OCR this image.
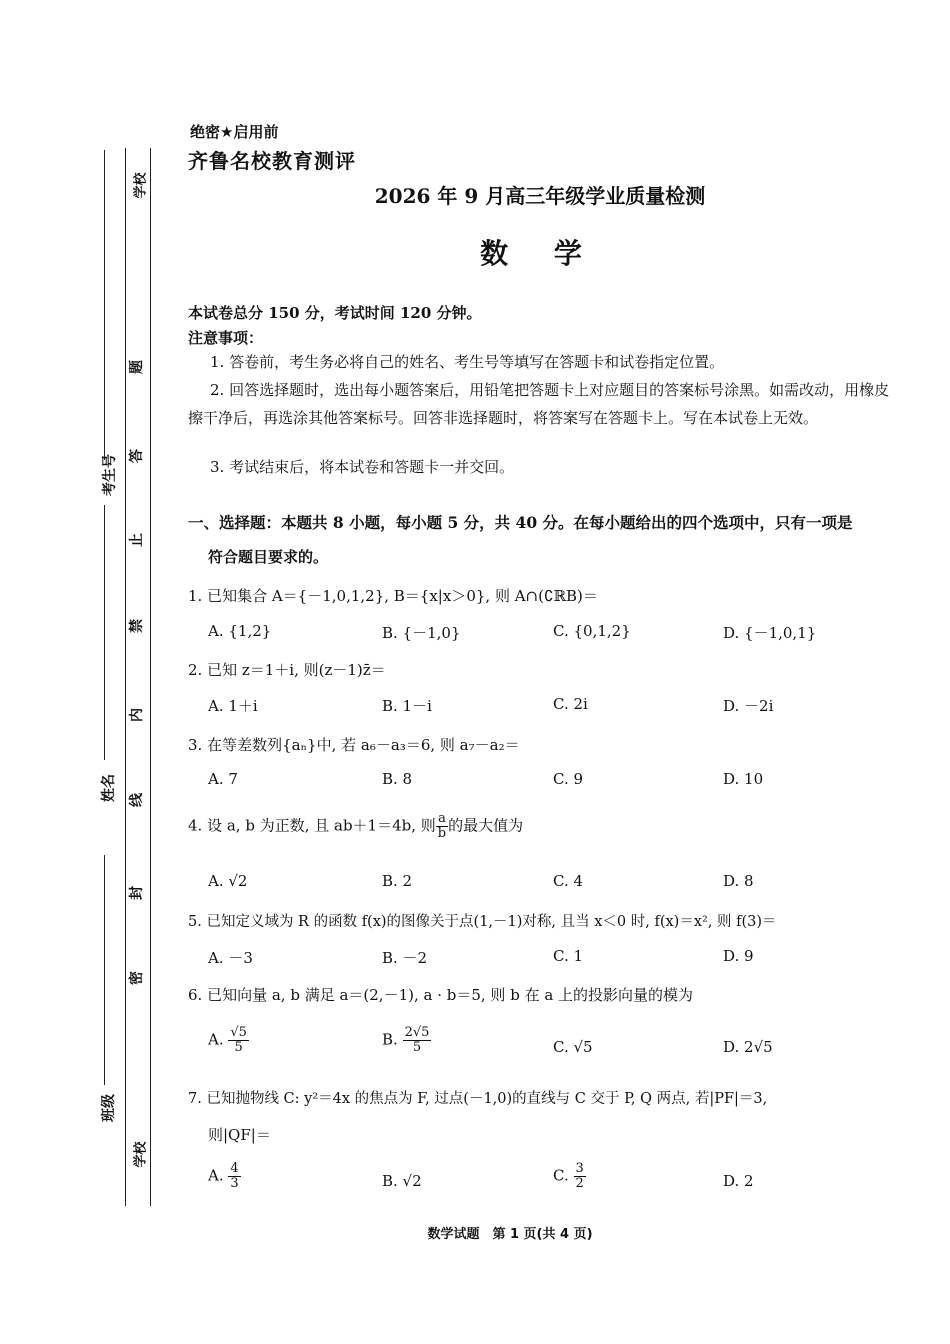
学校
学校
考生号
姓名
班级
题
答
止
禁
内
线
封
密
绝密★启用前
齐鲁名校教育测评
2026 年 9 月高三年级学业质量检测
数 学
本试卷总分 150 分，考试时间 120 分钟。
注意事项：
1. 答卷前，考生务必将自己的姓名、考生号等填写在答题卡和试卷指定位置。
2. 回答选择题时，选出每小题答案后，用铅笔把答题卡上对应题目的答案标号涂黑。如需改动，用橡皮擦干净后，再选涂其他答案标号。回答非选择题时，将答案写在答题卡上。写在本试卷上无效。
3. 考试结束后，将本试卷和答题卡一并交回。
一、选择题：本题共 8 小题，每小题 5 分，共 40 分。在每小题给出的四个选项中，只有一项是
符合题目要求的。
1. 已知集合 A＝{－1,0,1,2}, B＝{x|x＞0}, 则 A∩(∁ℝB)＝
A. {1,2}	B. {－1,0}	C. {0,1,2}	D. {－1,0,1}
2. 已知 z＝1＋i, 则(z－1)z̄＝
A. 1＋i	B. 1－i	C. 2i	D. －2i
3. 在等差数列{aₙ}中, 若 a₆－a₃＝6, 则 a₇－a₂＝
A. 7	B. 8	C. 9	D. 10
4. 设 a, b 为正数, 且 ab＋1＝4b, 则 $\frac{a}{b}$ 的最大值为
A. √2	B. 2	C. 4	D. 8
5. 已知定义域为 R 的函数 f(x)的图像关于点(1,－1)对称, 且当 x＜0 时, f(x)＝x², 则 f(3)＝
A. －3	B. －2	C. 1	D. 9
6. 已知向量 a, b 满足 a＝(2,－1), a · b＝5, 则 b 在 a 上的投影向量的模为
A. $\frac{√5}{5}$	B. $\frac{2√5}{5}$	C. √5	D. 2√5
7. 已知抛物线 C: y²＝4x 的焦点为 F, 过点(－1,0)的直线与 C 交于 P, Q 两点, 若|PF|＝3,
则|QF|＝
A. $\frac{4}{3}$	B. √2	C. $\frac{3}{2}$	D. 2
数学试题　第 1 页(共 4 页)
